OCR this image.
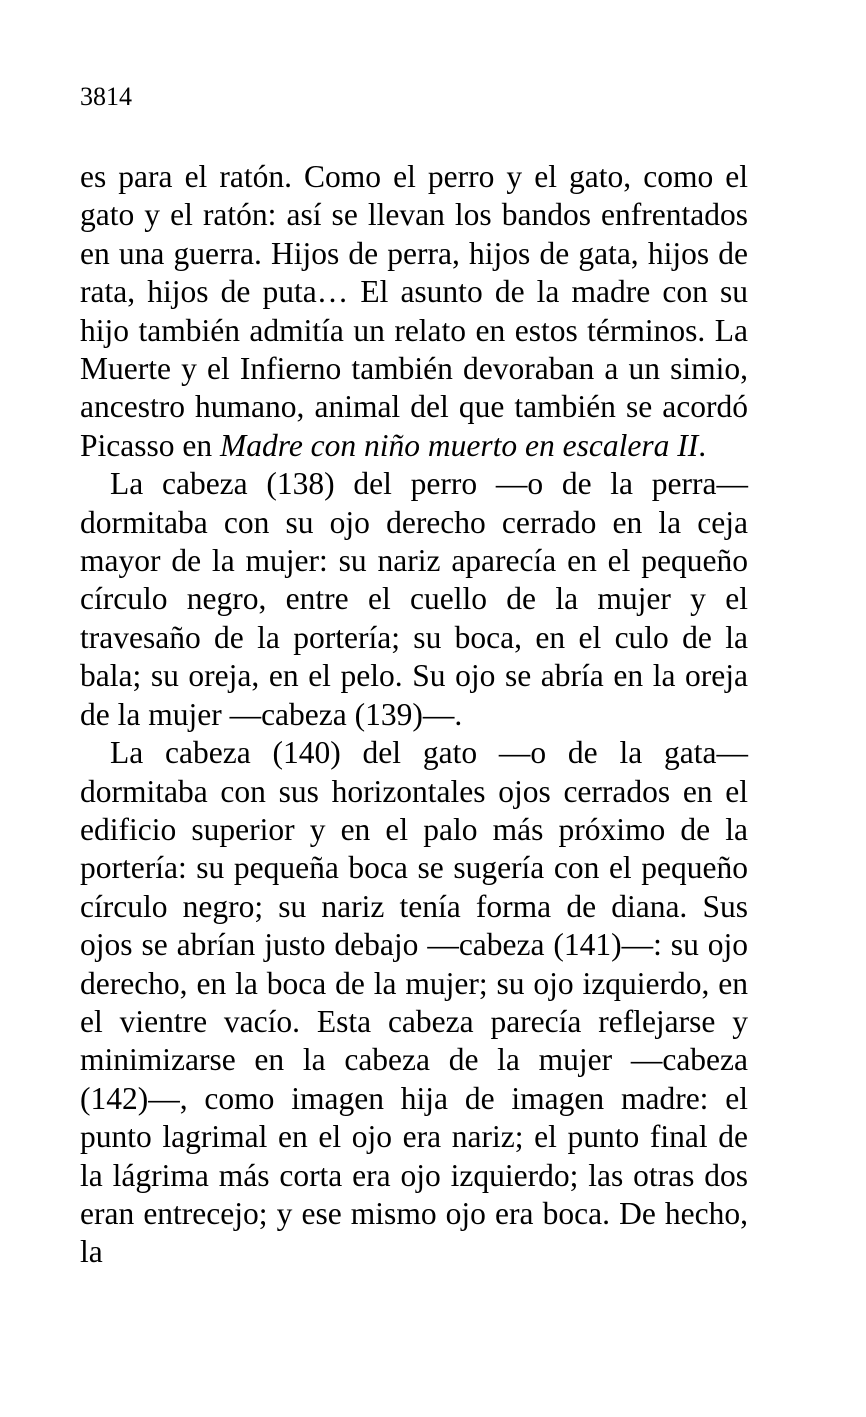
3814

es para el ratón. Como el perro y el gato, como el gato y el ratón: así se llevan los bandos enfrentados en una guerra. Hijos de perra, hijos de gata, hijos de rata, hijos de puta… El asunto de la madre con su hijo también admitía un relato en estos términos. La Muerte y el Infierno también devoraban a un simio, ancestro humano, animal del que también se acordó Picasso en Madre con niño muerto en escalera II.

La cabeza (138) del perro —o de la perra— dormitaba con su ojo derecho cerrado en la ceja mayor de la mujer: su nariz aparecía en el pequeño círculo negro, entre el cuello de la mujer y el travesaño de la portería; su boca, en el culo de la bala; su oreja, en el pelo. Su ojo se abría en la oreja de la mujer —cabeza (139)—.

La cabeza (140) del gato —o de la gata— dormitaba con sus horizontales ojos cerrados en el edificio superior y en el palo más próximo de la portería: su pequeña boca se sugería con el pequeño círculo negro; su nariz tenía forma de diana. Sus ojos se abrían justo debajo —cabeza (141)—: su ojo derecho, en la boca de la mujer; su ojo izquierdo, en el vientre vacío. Esta cabeza parecía reflejarse y minimizarse en la cabeza de la mujer —cabeza (142)—, como imagen hija de imagen madre: el punto lagrimal en el ojo era nariz; el punto final de la lágrima más corta era ojo izquierdo; las otras dos eran entrecejo; y ese mismo ojo era boca. De hecho, la
